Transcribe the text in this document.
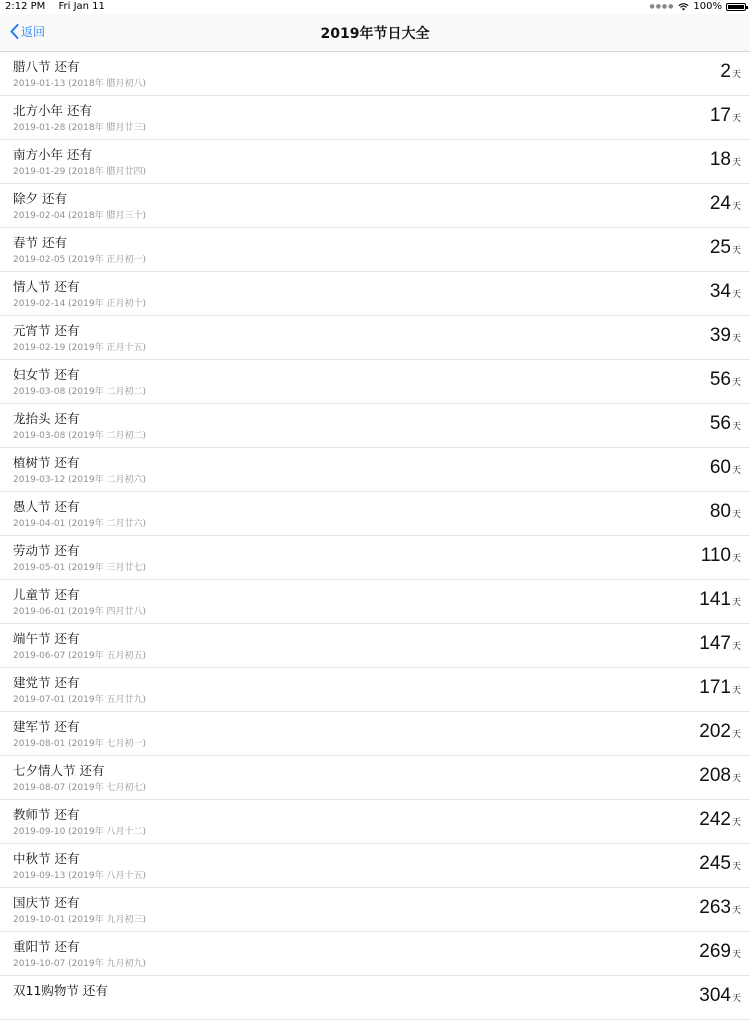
2:12 PM Fri Jan 11	●●●● 100%
返回	2019年节日大全
腊八节 还有
2019-01-13 (2018年 腊月初八)
2 天
北方小年 还有
2019-01-28 (2018年 腊月廿三)
17 天
南方小年 还有
2019-01-29 (2018年 腊月廿四)
18 天
除夕 还有
2019-02-04 (2018年 腊月三十)
24 天
春节 还有
2019-02-05 (2019年 正月初一)
25 天
情人节 还有
2019-02-14 (2019年 正月初十)
34 天
元宵节 还有
2019-02-19 (2019年 正月十五)
39 天
妇女节 还有
2019-03-08 (2019年 二月初二)
56 天
龙抬头 还有
2019-03-08 (2019年 二月初二)
56 天
植树节 还有
2019-03-12 (2019年 二月初六)
60 天
愚人节 还有
2019-04-01 (2019年 二月廿六)
80 天
劳动节 还有
2019-05-01 (2019年 三月廿七)
110 天
儿童节 还有
2019-06-01 (2019年 四月廿八)
141 天
端午节 还有
2019-06-07 (2019年 五月初五)
147 天
建党节 还有
2019-07-01 (2019年 五月廿九)
171 天
建军节 还有
2019-08-01 (2019年 七月初一)
202 天
七夕情人节 还有
2019-08-07 (2019年 七月初七)
208 天
教师节 还有
2019-09-10 (2019年 八月十二)
242 天
中秋节 还有
2019-09-13 (2019年 八月十五)
245 天
国庆节 还有
2019-10-01 (2019年 九月初三)
263 天
重阳节 还有
2019-10-07 (2019年 九月初九)
269 天
双11购物节 还有	304 天
